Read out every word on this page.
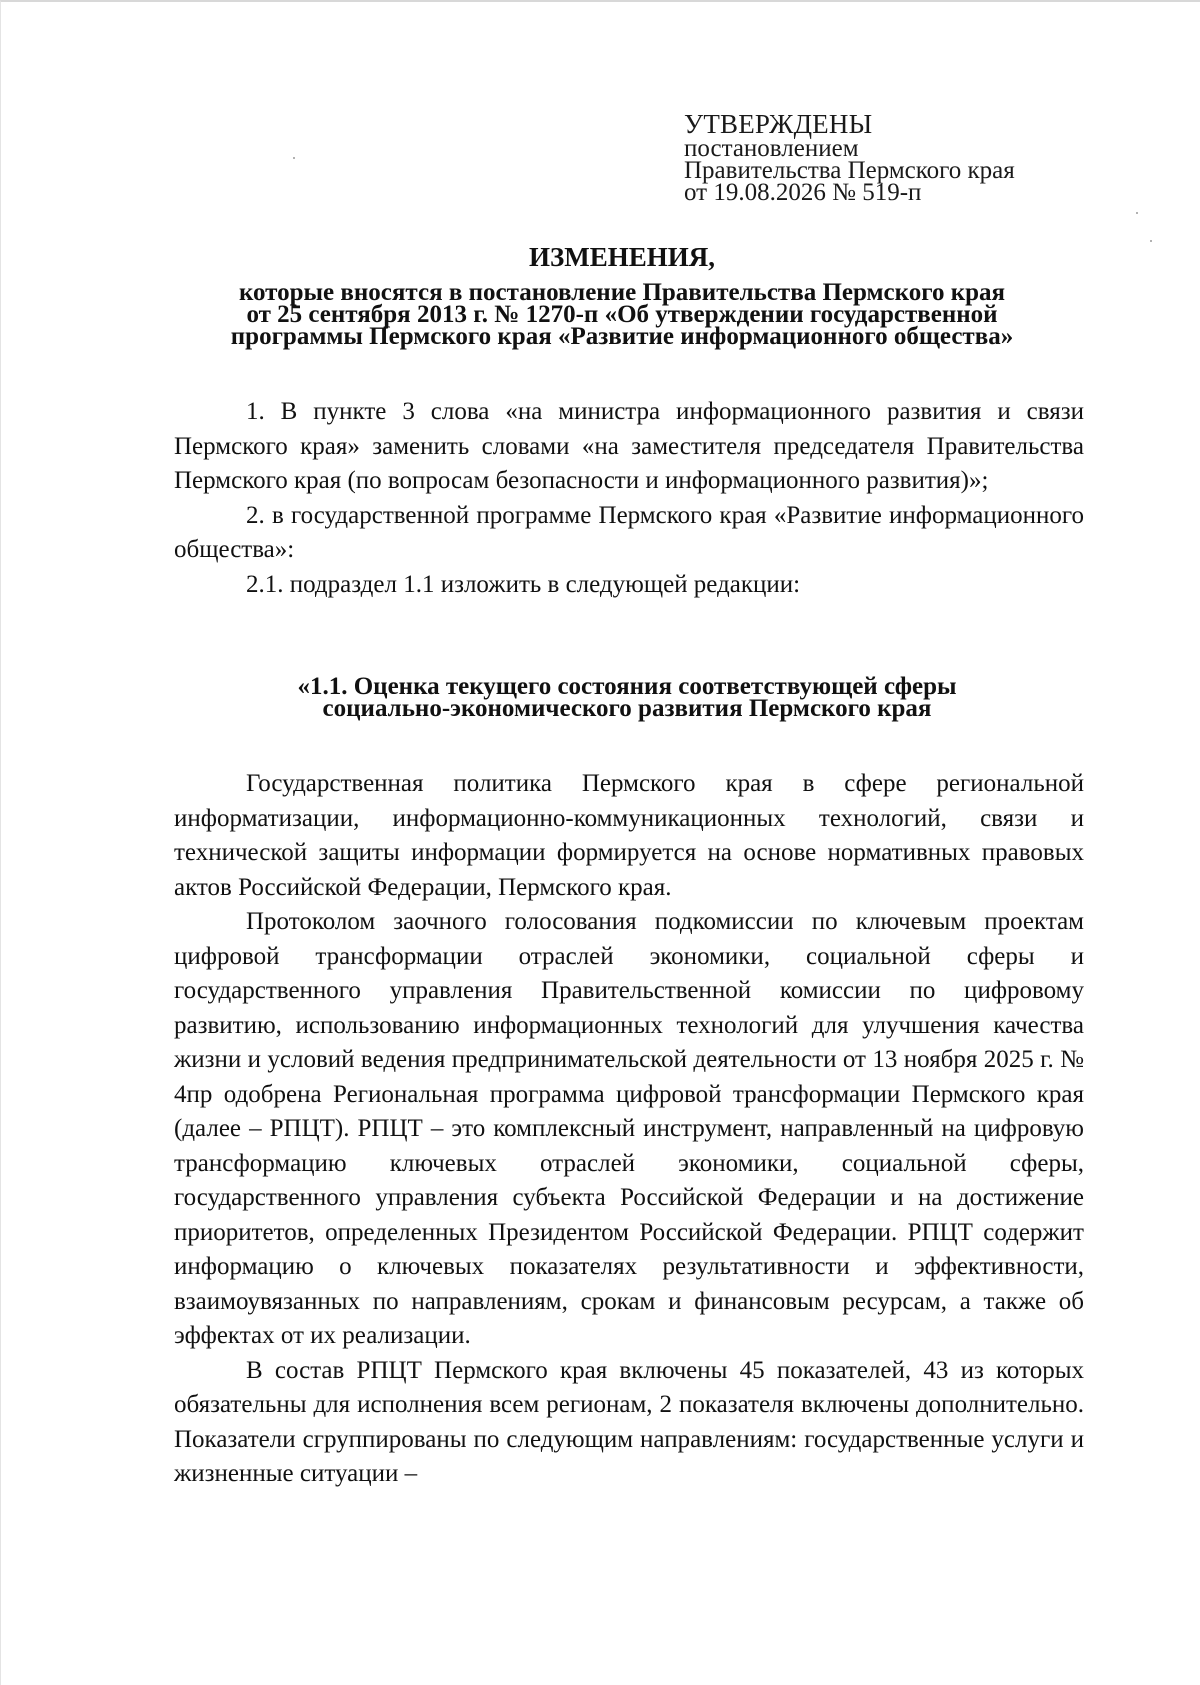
УТВЕРЖДЕНЫ
постановлением
Правительства Пермского края
от 19.08.2026 № 519-п
ИЗМЕНЕНИЯ,
которые вносятся в постановление Правительства Пермского края
от 25 сентября 2013 г. № 1270-п «Об утверждении государственной
программы Пермского края «Развитие информационного общества»

1. В пункте 3 слова «на министра информационного развития и связи Пермского края» заменить словами «на заместителя председателя Правительства Пермского края (по вопросам безопасности и информационного развития)»;

2. в государственной программе Пермского края «Развитие информационного общества»:

2.1. подраздел 1.1 изложить в следующей редакции:

«1.1. Оценка текущего состояния соответствующей сферы
социально-экономического развития Пермского края

Государственная политика Пермского края в сфере региональной информатизации, информационно-коммуникационных технологий, связи и технической защиты информации формируется на основе нормативных правовых актов Российской Федерации, Пермского края.

Протоколом заочного голосования подкомиссии по ключевым проектам цифровой трансформации отраслей экономики, социальной сферы и государственного управления Правительственной комиссии по цифровому развитию, использованию информационных технологий для улучшения качества жизни и условий ведения предпринимательской деятельности от 13 ноября 2025 г. № 4пр одобрена Региональная программа цифровой трансформации Пермского края (далее – РПЦТ). РПЦТ – это комплексный инструмент, направленный на цифровую трансформацию ключевых отраслей экономики, социальной сферы, государственного управления субъекта Российской Федерации и на достижение приоритетов, определенных Президентом Российской Федерации. РПЦТ содержит информацию о ключевых показателях результативности и эффективности, взаимоувязанных по направлениям, срокам и финансовым ресурсам, а также об эффектах от их реализации.

В состав РПЦТ Пермского края включены 45 показателей, 43 из которых обязательны для исполнения всем регионам, 2 показателя включены дополнительно. Показатели сгруппированы по следующим направлениям: государственные услуги и жизненные ситуации –
